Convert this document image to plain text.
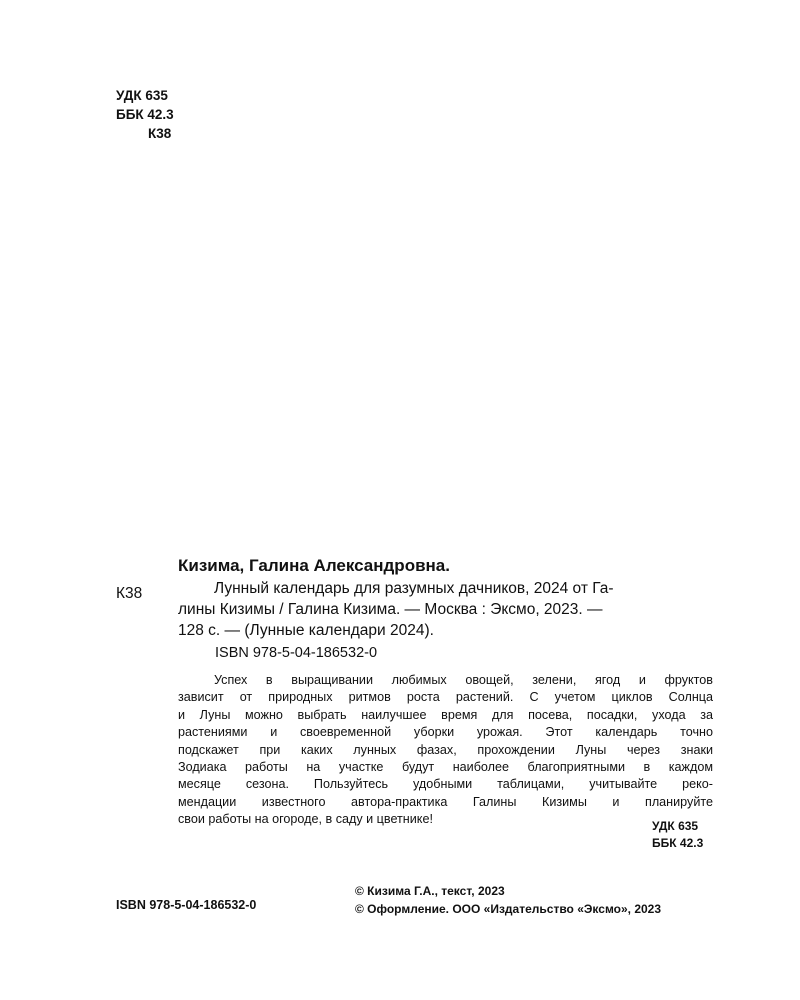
УДК 635
ББК 42.3
К38
Кизима, Галина Александровна.
К38	Лунный календарь для разумных дачников, 2024 от Га-
лины Кизимы / Галина Кизима. — Москва : Эксмо, 2023. —
128 с. — (Лунные календари 2024).
ISBN 978-5-04-186532-0
Успех в выращивании любимых овощей, зелени, ягод и фруктов
зависит от природных ритмов роста растений. С учетом циклов Солнца
и Луны можно выбрать наилучшее время для посева, посадки, ухода за
растениями и своевременной уборки урожая. Этот календарь точно
подскажет при каких лунных фазах, прохождении Луны через знаки
Зодиака работы на участке будут наиболее благоприятными в каждом
месяце сезона. Пользуйтесь удобными таблицами, учитывайте реко-
мендации известного автора-практика Галины Кизимы и планируйте
свои работы на огороде, в саду и цветнике!	УДК 635
ББК 42.3
ISBN 978-5-04-186532-0
© Кизима Г.А., текст, 2023
© Оформление. ООО «Издательство «Эксмо», 2023
